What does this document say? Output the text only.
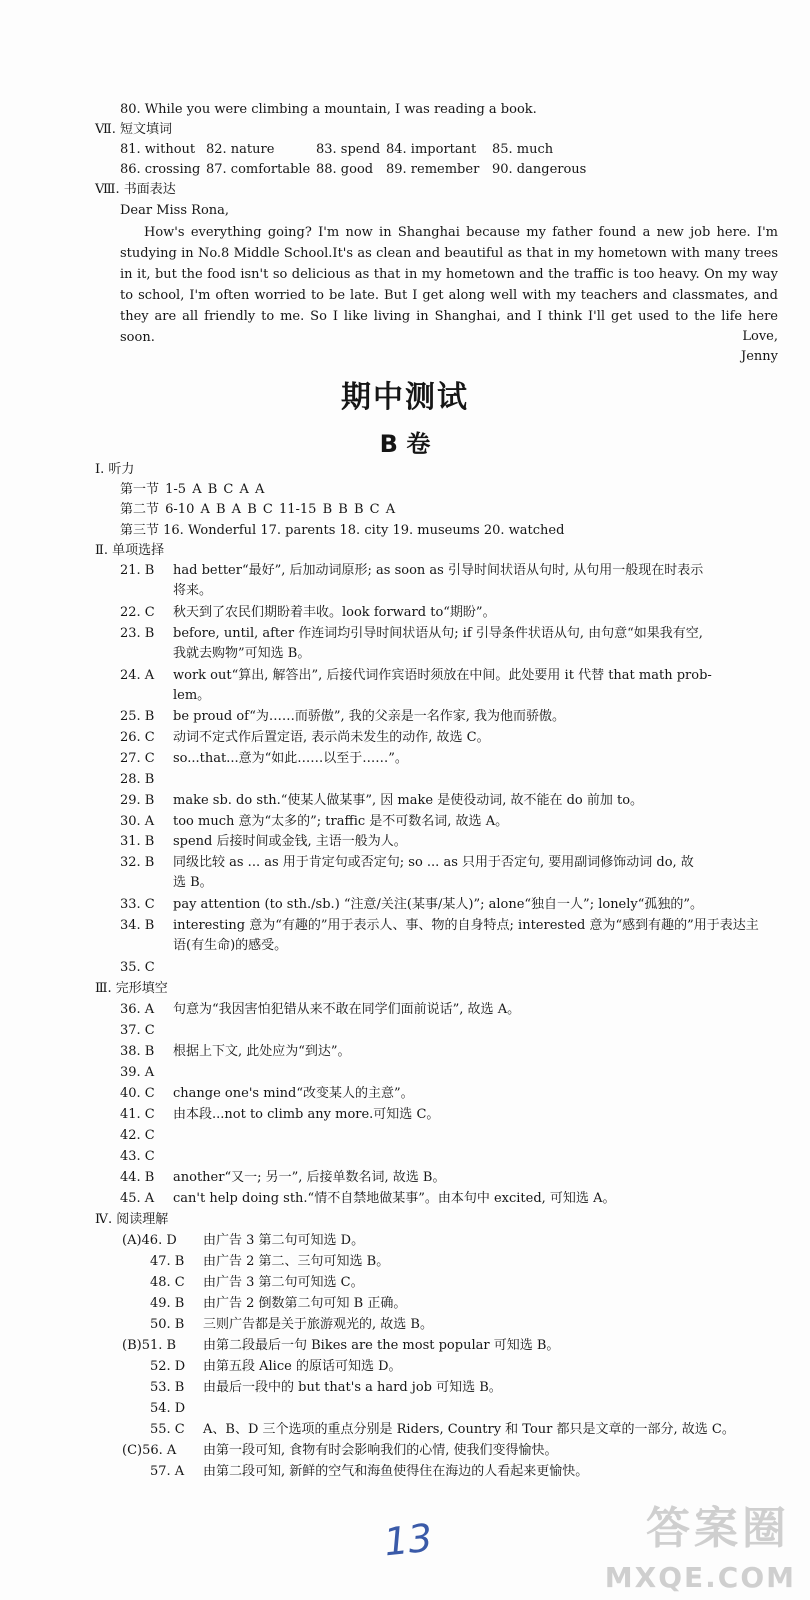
80. While you were climbing a mountain, I was reading a book.
Ⅶ. 短文填词
81. without 82. nature	83. spend 84. important 85. much
86. crossing 87. comfortable 88. good 89. remember 90. dangerous
Ⅷ. 书面表达
Dear Miss Rona,
How's everything going? I'm now in Shanghai because my father found a new job here. I'm studying in No.8 Middle School.It's as clean and beautiful as that in my hometown with many trees in it, but the food isn't so delicious as that in my hometown and the traffic is too heavy. On my way to school, I'm often worried to be late. But I get along well with my teachers and classmates, and they are all friendly to me. So I like living in Shanghai, and I think I'll get used to the life here soon.	Love,
Jenny
期中测试
B 卷
Ⅰ. 听力
第一节 1-5 A B C A A
第二节 6-10 A B A B C 11-15 B B B C A
第三节 16. Wonderful 17. parents 18. city 19. museums 20. watched
Ⅱ. 单项选择
21. B had better“最好”, 后加动词原形; as soon as 引导时间状语从句时, 从句用一般现在时表示
将来。
22. C 秋天到了农民们期盼着丰收。look forward to“期盼”。
23. B before, until, after 作连词均引导时间状语从句; if 引导条件状语从句, 由句意“如果我有空,
我就去购物”可知选 B。
24. A work out“算出, 解答出”, 后接代词作宾语时须放在中间。此处要用 it 代替 that math prob-
lem。
25. B be proud of“为……而骄傲”, 我的父亲是一名作家, 我为他而骄傲。
26. C 动词不定式作后置定语, 表示尚未发生的动作, 故选 C。
27. C so...that...意为“如此……以至于……”。
28. B
29. B make sb. do sth.“使某人做某事”, 因 make 是使役动词, 故不能在 do 前加 to。
30. A too much 意为“太多的”; traffic 是不可数名词, 故选 A。
31. B spend 后接时间或金钱, 主语一般为人。
32. B 同级比较 as ... as 用于肯定句或否定句; so ... as 只用于否定句, 要用副词修饰动词 do, 故
选 B。
33. C pay attention (to sth./sb.) “注意/关注(某事/某人)”; alone“独自一人”; lonely“孤独的”。
34. B interesting 意为“有趣的”用于表示人、事、物的自身特点; interested 意为“感到有趣的”用于表达主
语(有生命)的感受。
35. C
Ⅲ. 完形填空
36. A 句意为“我因害怕犯错从来不敢在同学们面前说话”, 故选 A。
37. C
38. B 根据上下文, 此处应为“到达”。
39. A
40. C change one's mind“改变某人的主意”。
41. C 由本段...not to climb any more.可知选 C。
42. C
43. C
44. B another“又一; 另一”, 后接单数名词, 故选 B。
45. A can't help doing sth.“情不自禁地做某事”。由本句中 excited, 可知选 A。
Ⅳ. 阅读理解
(A)46. D 由广告 3 第二句可知选 D。
47. B 由广告 2 第二、三句可知选 B。
48. C 由广告 3 第二句可知选 C。
49. B 由广告 2 倒数第二句可知 B 正确。
50. B 三则广告都是关于旅游观光的, 故选 B。
(B)51. B 由第二段最后一句 Bikes are the most popular 可知选 B。
52. D 由第五段 Alice 的原话可知选 D。
53. B 由最后一段中的 but that's a hard job 可知选 B。
54. D
55. C A、B、D 三个选项的重点分别是 Riders, Country 和 Tour 都只是文章的一部分, 故选 C。
(C)56. A 由第一段可知, 食物有时会影响我们的心情, 使我们变得愉快。
57. A 由第二段可知, 新鲜的空气和海鱼使得住在海边的人看起来更愉快。
13	答案圈
MXQE.COM
